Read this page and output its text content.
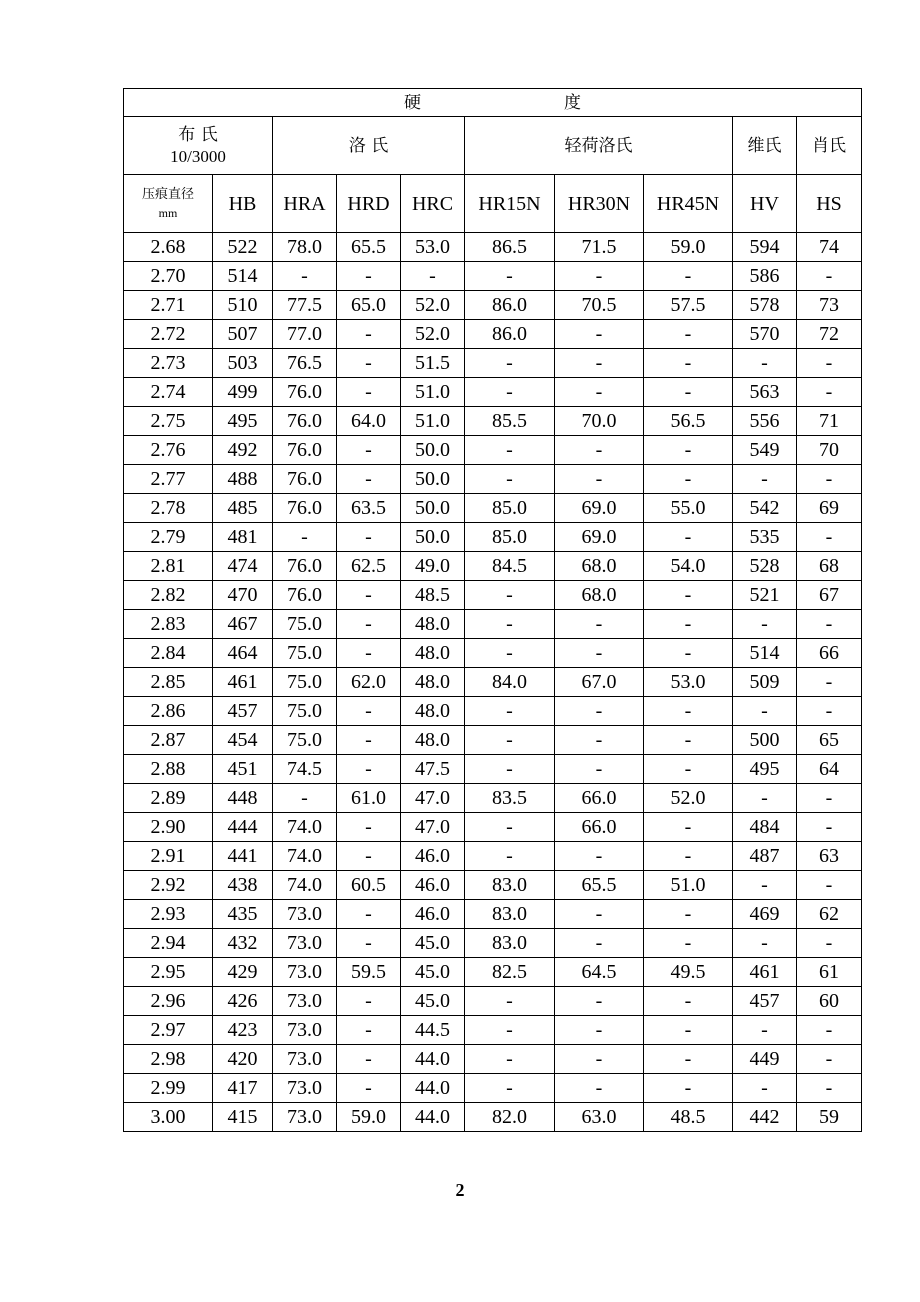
硬 度									

布 氏
10/3000		洛 氏			轻荷洛氏			维氏	肖氏

压痕直径
mm	HB	HRA	HRD	HRC	HR15N	HR30N	HR45N	HV	HS
2.68	522	78.0	65.5	53.0	86.5	71.5	59.0	594	74
2.70	514	-	-	-	-	-	-	586	-
2.71	510	77.5	65.0	52.0	86.0	70.5	57.5	578	73
2.72	507	77.0	-	52.0	86.0	-	-	570	72
2.73	503	76.5	-	51.5	-	-	-	-	-
2.74	499	76.0	-	51.0	-	-	-	563	-
2.75	495	76.0	64.0	51.0	85.5	70.0	56.5	556	71
2.76	492	76.0	-	50.0	-	-	-	549	70
2.77	488	76.0	-	50.0	-	-	-	-	-
2.78	485	76.0	63.5	50.0	85.0	69.0	55.0	542	69
2.79	481	-	-	50.0	85.0	69.0	-	535	-
2.81	474	76.0	62.5	49.0	84.5	68.0	54.0	528	68
2.82	470	76.0	-	48.5	-	68.0	-	521	67
2.83	467	75.0	-	48.0	-	-	-	-	-
2.84	464	75.0	-	48.0	-	-	-	514	66
2.85	461	75.0	62.0	48.0	84.0	67.0	53.0	509	-
2.86	457	75.0	-	48.0	-	-	-	-	-
2.87	454	75.0	-	48.0	-	-	-	500	65
2.88	451	74.5	-	47.5	-	-	-	495	64
2.89	448	-	61.0	47.0	83.5	66.0	52.0	-	-
2.90	444	74.0	-	47.0	-	66.0	-	484	-
2.91	441	74.0	-	46.0	-	-	-	487	63
2.92	438	74.0	60.5	46.0	83.0	65.5	51.0	-	-
2.93	435	73.0	-	46.0	83.0	-	-	469	62
2.94	432	73.0	-	45.0	83.0	-	-	-	-
2.95	429	73.0	59.5	45.0	82.5	64.5	49.5	461	61
2.96	426	73.0	-	45.0	-	-	-	457	60
2.97	423	73.0	-	44.5	-	-	-	-	-
2.98	420	73.0	-	44.0	-	-	-	449	-
2.99	417	73.0	-	44.0	-	-	-	-	-
3.00	415	73.0	59.0	44.0	82.0	63.0	48.5	442	59
2
